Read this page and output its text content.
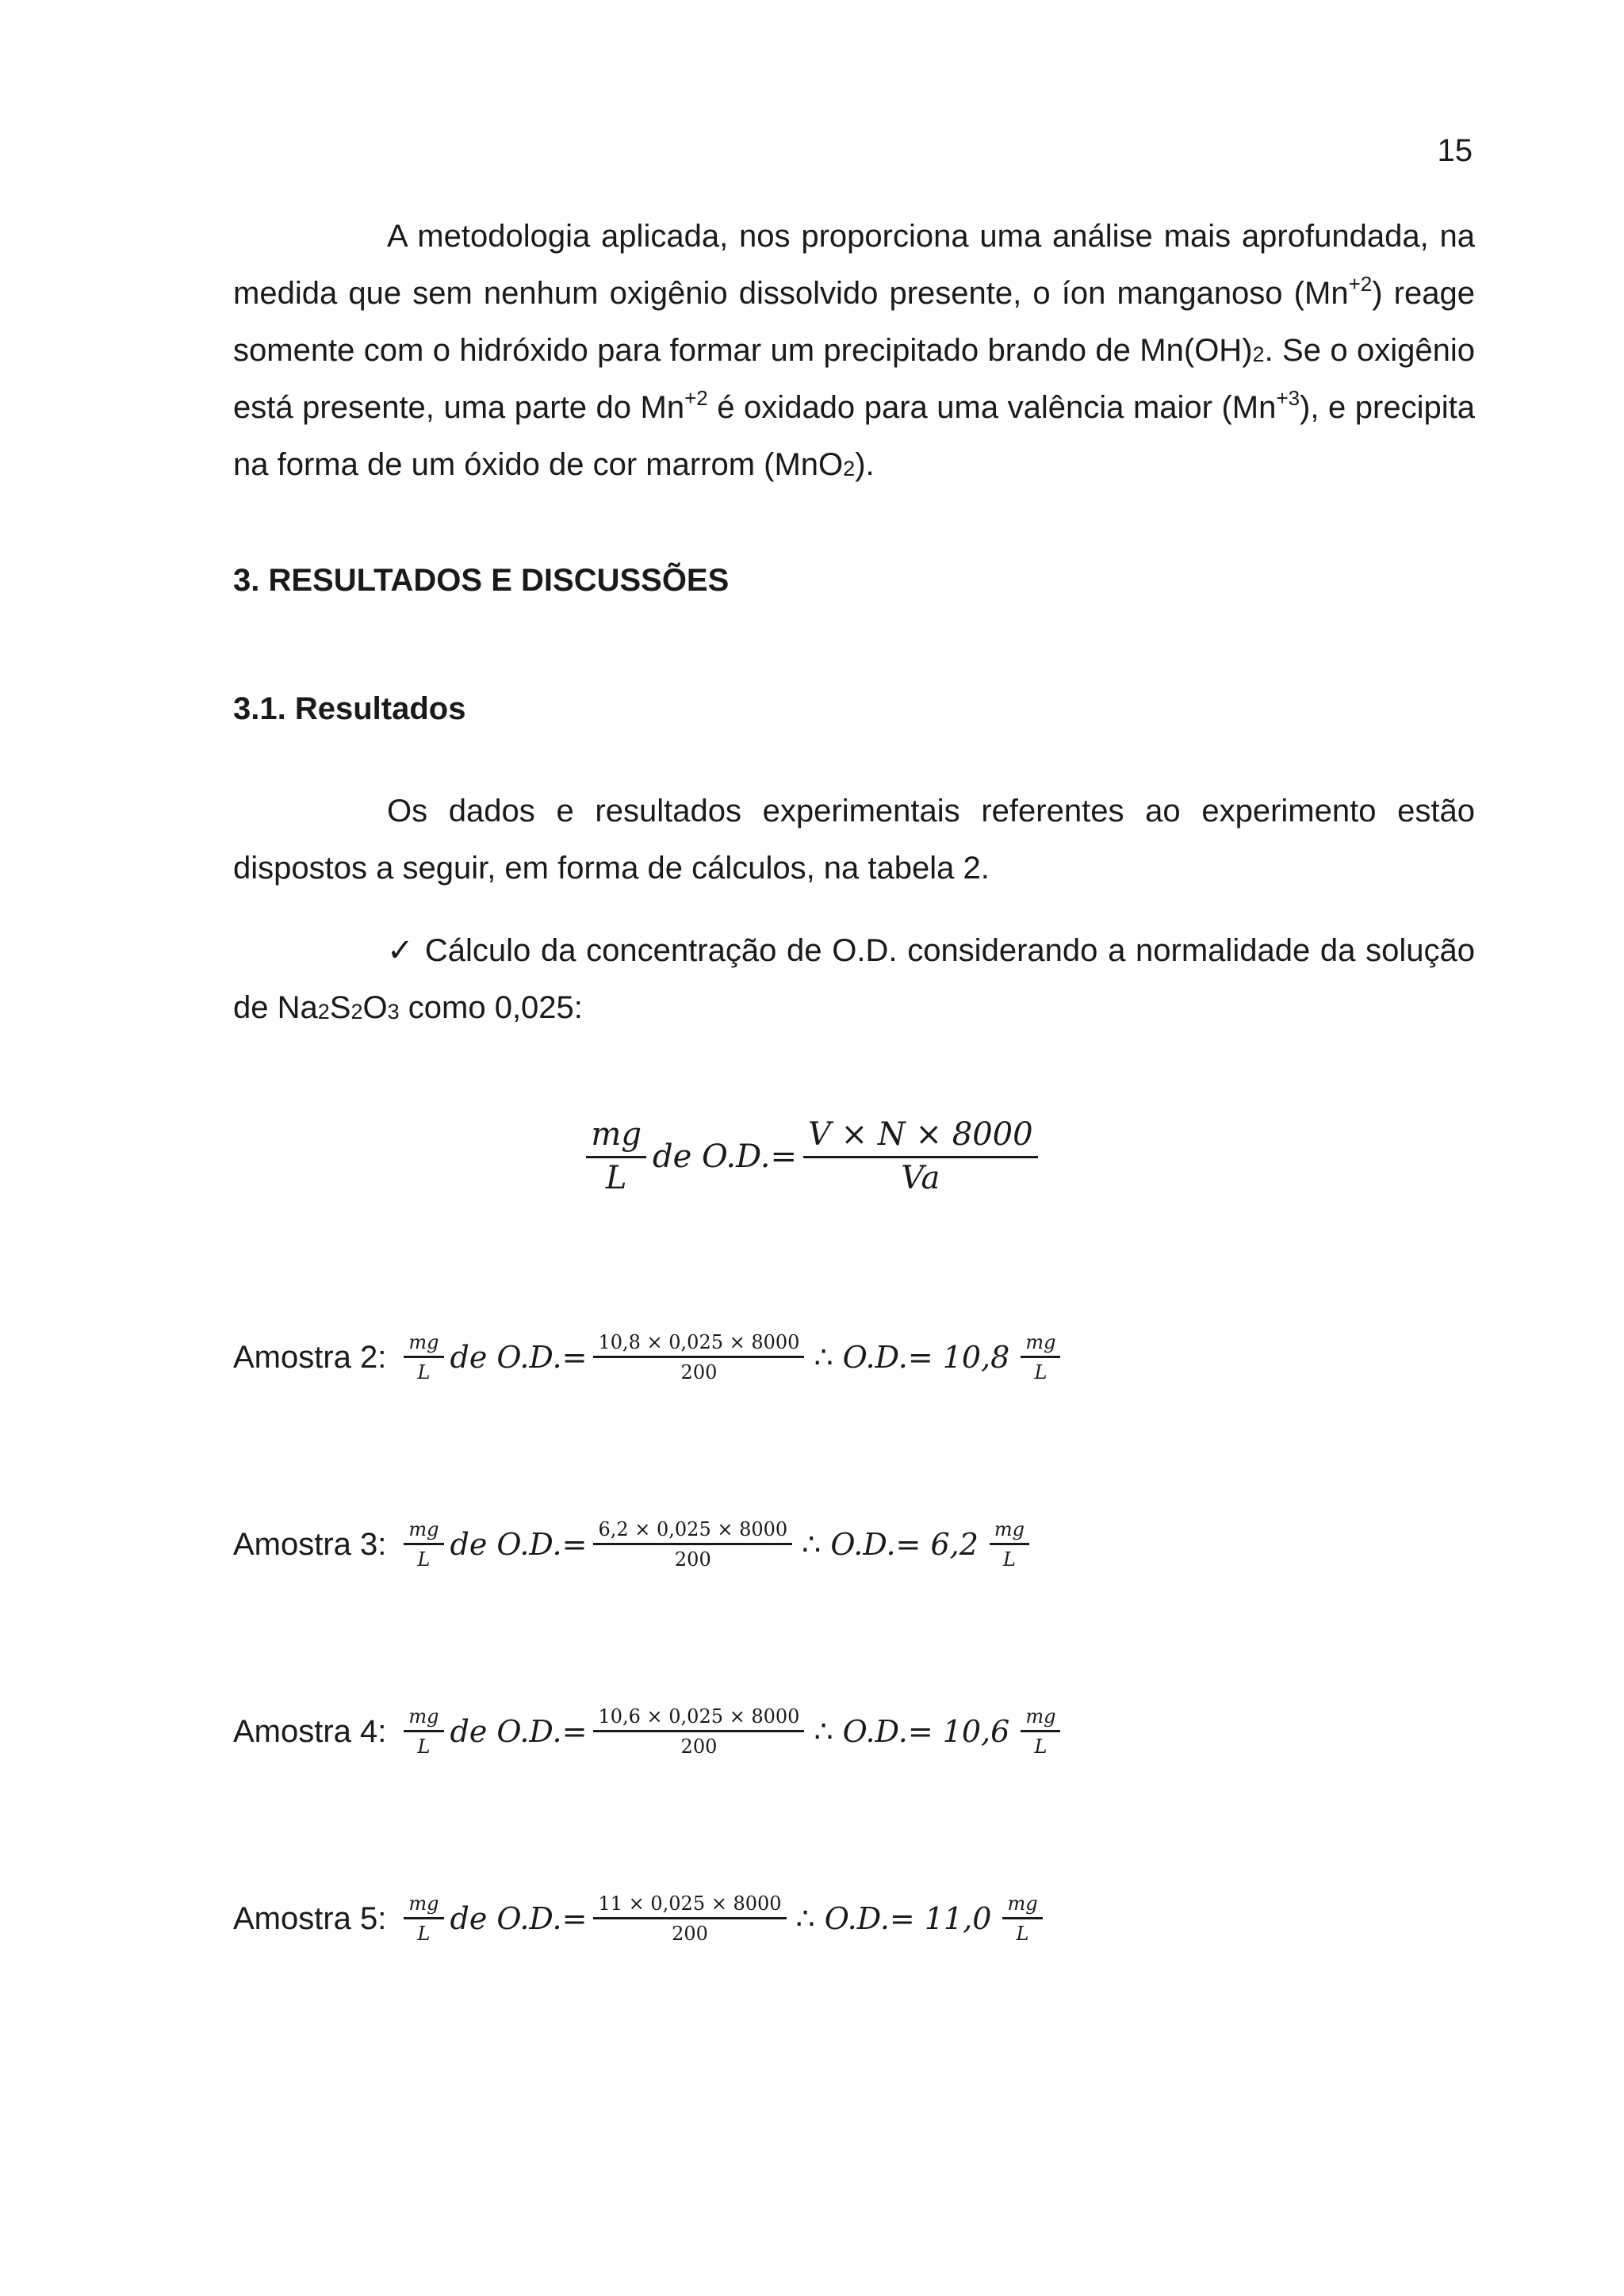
15

A metodologia aplicada, nos proporciona uma análise mais aprofundada, na medida que sem nenhum oxigênio dissolvido presente, o íon manganoso $(Mn^{+2})$ reage somente com o hidróxido para formar um precipitado brando de $Mn(OH)_2$. Se o oxigênio está presente, uma parte do $Mn^{+2}$ é oxidado para uma valência maior $(Mn^{+3})$, e precipita na forma de um óxido de cor marrom (MnO$_2$).

3. RESULTADOS E DISCUSSÕES
3.1. Resultados

Os dados e resultados experimentais referentes ao experimento estão dispostos a seguir, em forma de cálculos, na tabela 2.

✓ Cálculo da concentração de O.D. considerando a normalidade da solução de $Na_2S_2O_3$ como 0,025:

$\frac{mg}{L}$ de $O.D.= \frac{V \times N \times 8000}{Va}$
Amostra 2: $\frac{mg}{L}$ de $O.D.= \frac{10,8 \times 0,025 \times 8000}{200}$ ∴ $O.D.= 10,8 \frac{mg}{L}$
Amostra 3: $\frac{mg}{L}$ de $O.D.= \frac{6,2 \times 0,025 \times 8000}{200}$ ∴ $O.D.= 6,2 \frac{mg}{L}$
Amostra 4: $\frac{mg}{L}$ de $O.D.= \frac{10,6 \times 0,025 \times 8000}{200}$ ∴ $O.D.= 10,6 \frac{mg}{L}$
Amostra 5: $\frac{mg}{L}$ de $O.D.= \frac{11 \times 0,025 \times 8000}{200}$ ∴ $O.D.= 11,0 \frac{mg}{L}$
